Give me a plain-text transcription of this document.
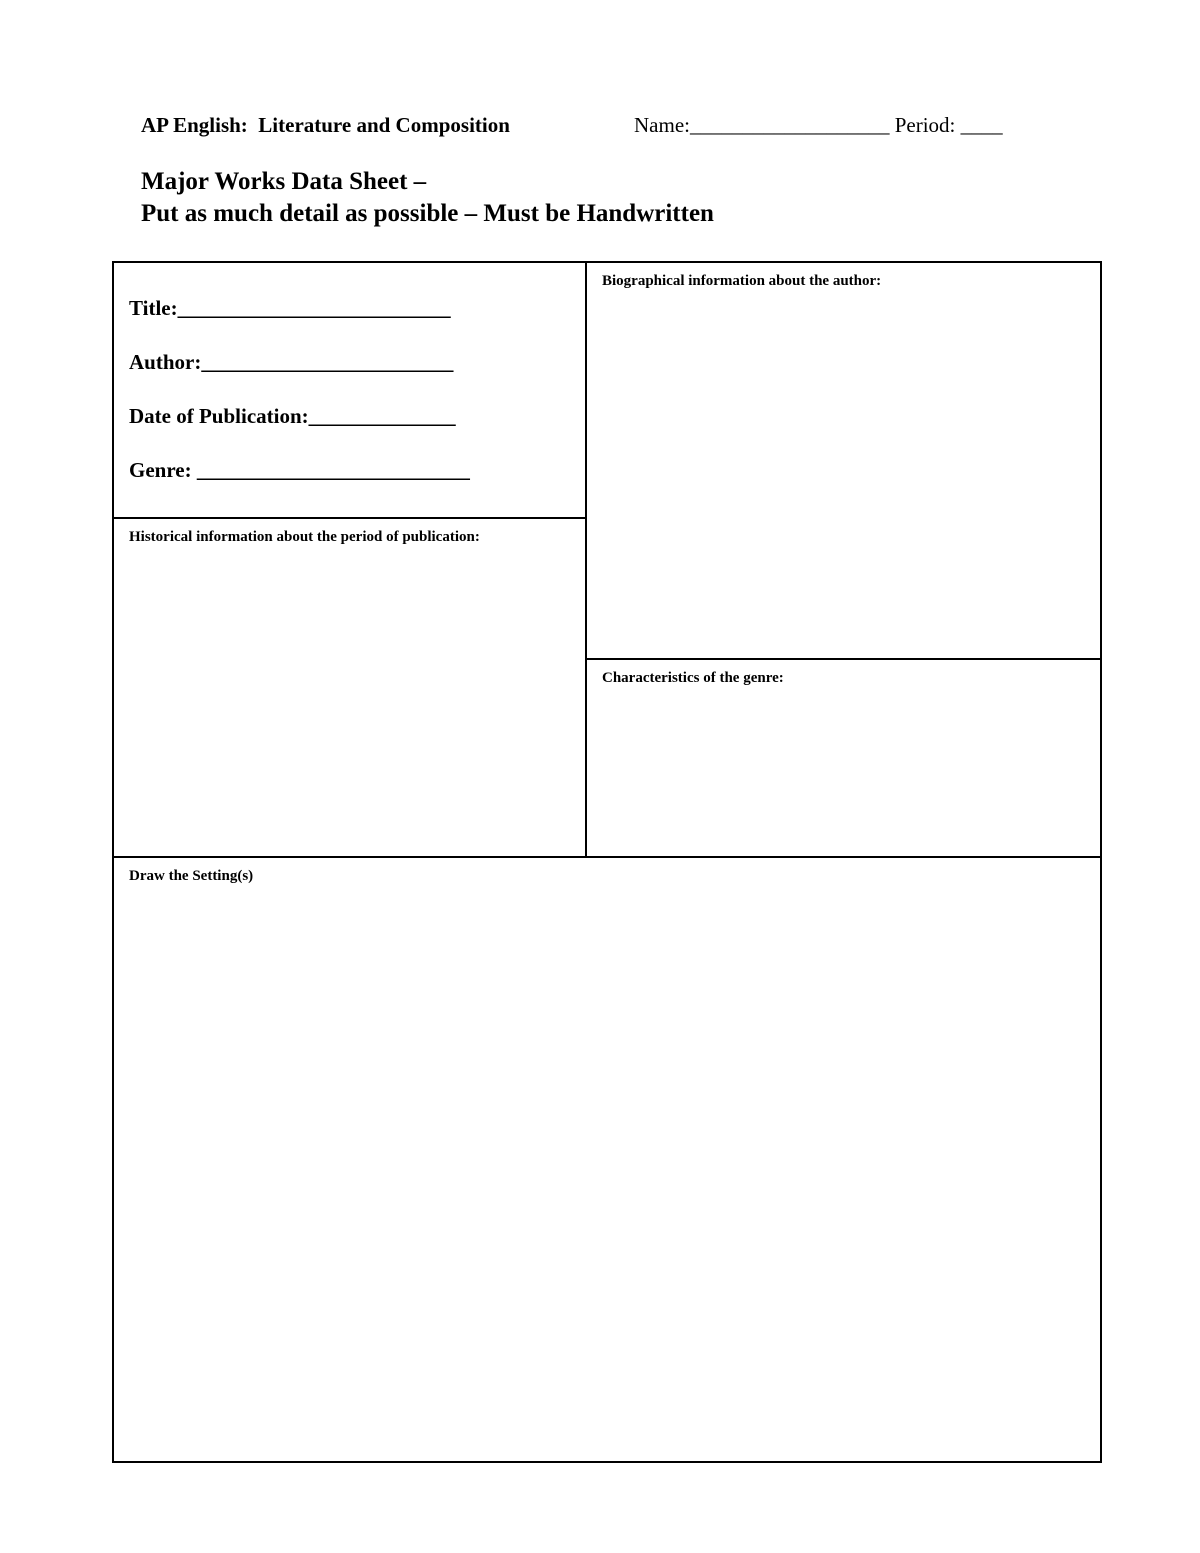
AP English:  Literature and Composition	Name:___________________ Period: ____
Major Works Data Sheet –
Put as much detail as possible – Must be Handwritten
Title:__________________________
Author:________________________
Date of Publication:______________
Genre: __________________________
Biographical information about the author:
Historical information about the period of publication:
Characteristics of the genre:
Draw the Setting(s)
